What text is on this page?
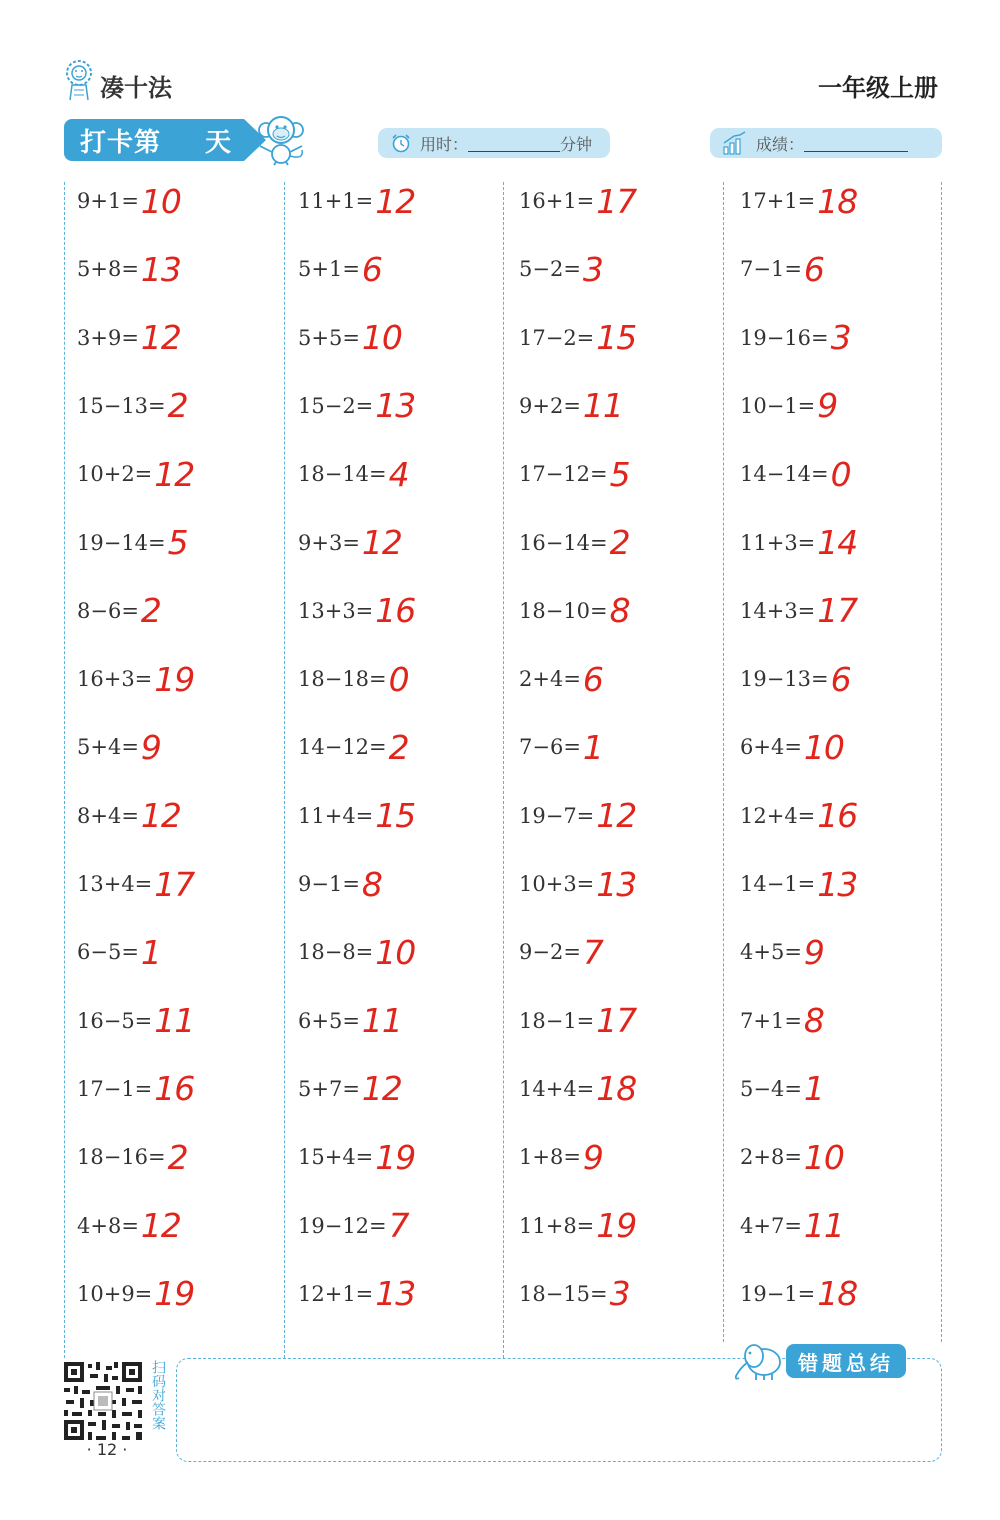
凑十法	一年级上册
打卡第 天	用时：	分钟	成绩：
9+1= 10
5+8= 13
3+9= 12
15−13= 2
10+2= 12
19−14= 5
8−6= 2
16+3= 19
5+4= 9
8+4= 12
13+4= 17
6−5= 1
16−5= 11
17−1= 16
18−16= 2
4+8= 12
10+9= 19
11+1= 12
5+1= 6
5+5= 10
15−2= 13
18−14= 4
9+3= 12
13+3= 16
18−18= 0
14−12= 2
11+4= 15
9−1= 8
18−8= 10
6+5= 11
5+7= 12
15+4= 19
19−12= 7
12+1= 13
16+1= 17
5−2= 3
17−2= 15
9+2= 11
17−12= 5
16−14= 2
18−10= 8
2+4= 6
7−6= 1
19−7= 12
10+3= 13
9−2= 7
18−1= 17
14+4= 18
1+8= 9
11+8= 19
18−15= 3
17+1= 18
7−1= 6
19−16= 3
10−1= 9
14−14= 0
11+3= 14
14+3= 17
19−13= 6
6+4= 10
12+4= 16
14−1= 13
4+5= 9
7+1= 8
5−4= 1
2+8= 10
4+7= 11
19−1= 18
扫码对答案
· 12 ·
错题总结
